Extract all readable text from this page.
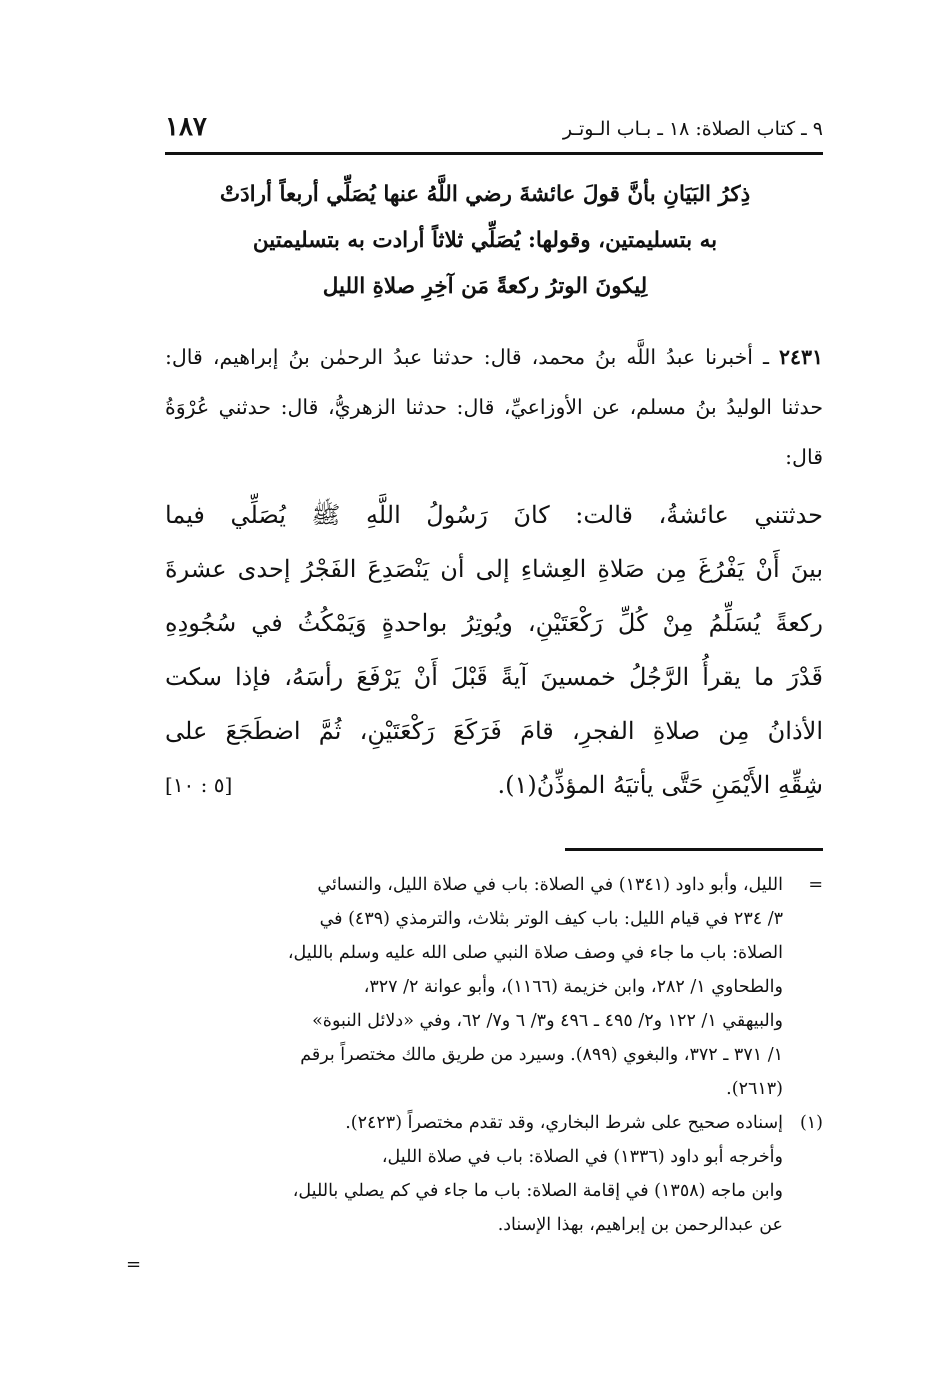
٩ ـ كتاب الصلاة: ١٨ ـ بـاب الـوتـر
١٨٧
ذِكرُ البَيَانِ بأنَّ قولَ عائشةَ رضي اللَّهُ عنها يُصَلِّي أربعاً أرادَتْ
به بتسليمتين، وقولها: يُصَلِّي ثلاثاً أرادت به بتسليمتين
لِيكونَ الوترُ ركعةً مَن آخِرِ صلاةِ الليل
٢٤٣١ ـ أخبرنا عبدُ اللَّه بنُ محمد، قال: حدثنا عبدُ الرحمٰن بنُ إبراهيم، قال: حدثنا الوليدُ بنُ مسلم، عن الأوزاعيِّ، قال: حدثنا الزهريُّ، قال: حدثني عُرْوَةُ قال:
حدثتني عائشةُ، قالت: كانَ رَسُولُ اللَّهِ ﷺ يُصَلِّي فيما
بينَ أَنْ يَفْرُغَ مِن صَلاةِ العِشاءِ إلى أن يَنْصَدِعَ الفَجْرُ إحدى عشرةَ
ركعةً يُسَلِّمُ مِنْ كُلِّ رَكْعَتَيْنِ، ويُوتِرُ بواحدةٍ وَيَمْكُثُ في سُجُودِهِ
قَدْرَ ما يقرأُ الرَّجُلُ خمسينَ آيةً قَبْلَ أَنْ يَرْفَعَ رأسَهُ، فإذا سكت
الأذانُ مِن صلاةِ الفجرِ، قامَ فَرَكَعَ رَكْعَتَيْنِ، ثُمَّ اضطَجَعَ على
شِقِّهِ الأَيْمَنِ حَتَّى يأتيَهُ المؤذِّنُ(١).
[٥ : ١٠]
=
الليل، وأبو داود (١٣٤١) في الصلاة: باب في صلاة الليل، والنسائي
٣/ ٢٣٤ في قيام الليل: باب كيف الوتر بثلاث، والترمذي (٤٣٩) في
الصلاة: باب ما جاء في وصف صلاة النبي صلى الله عليه وسلم بالليل،
والطحاوي ١/ ٢٨٢، وابن خزيمة (١١٦٦)، وأبو عوانة ٢/ ٣٢٧،
والبيهقي ١/ ١٢٢ و٢/ ٤٩٥ ـ ٤٩٦ و٣/ ٦ و٧/ ٦٢، وفي «دلائل النبوة»
١/ ٣٧١ ـ ٣٧٢، والبغوي (٨٩٩). وسيرد من طريق مالك مختصراً برقم
(٢٦١٣).
(١)
إسناده صحيح على شرط البخاري، وقد تقدم مختصراً (٢٤٢٣).
وأخرجه أبو داود (١٣٣٦) في الصلاة: باب في صلاة الليل،
وابن ماجه (١٣٥٨) في إقامة الصلاة: باب ما جاء في كم يصلي بالليل،
عن عبدالرحمن بن إبراهيم، بهذا الإسناد.
=
